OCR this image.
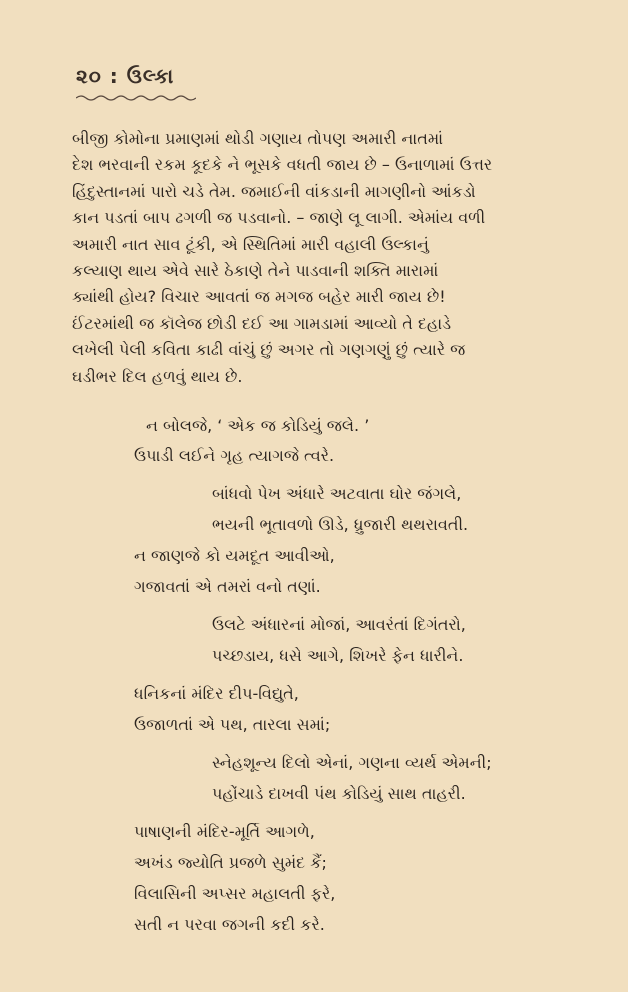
૨૦ : ઉલ્કા
બીજી કોમોના પ્રમાણમાં થોડી ગણાય તોપણ અમારી નાતમાં
દેશ ભરવાની રકમ કૂદકે ને ભૂસકે વધતી જાય છે – ઉનાળામાં ઉત્તર
હિંદુસ્તાનમાં પારો ચડે તેમ. જમાઈની વાંકડાની માગણીનો આંકડો
કાન પડતાં બાપ ઢગળી જ પડવાનો. – જાણે લૂ લાગી. એમાંય વળી
અમારી નાત સાવ ટૂંકી, એ સ્થિતિમાં મારી વહાલી ઉલ્કાનું
કલ્યાણ થાય એવે સારે ઠેકાણે તેને પાડવાની શક્તિ મારામાં
ક્યાંથી હોય? વિચાર આવતાં જ મગજ બહેર મારી જાય છે!
ઈંટરમાંથી જ કૉલેજ છોડી દઈ આ ગામડામાં આવ્યો તે દહાડે
લખેલી પેલી કવિતા કાઢી વાંચું છું અગર તો ગણગણું છું ત્યારે જ
ઘડીભર દિલ હળવું થાય છે.
ન બોલજે, ‘ એક જ કોડિયું જલે. ’
ઉપાડી લઈને ગૃહ ત્યાગજે ત્વરે.
બાંધવો પેખ અંધારે અટવાતા ઘોર જંગલે,
ભયની ભૂતાવળો ઊડે, ધ્રુજારી થથરાવતી.
ન જાણજે કો યમદૂત આવીઓ,
ગજાવતાં એ તમરાં વનો તણાં.
ઉલટે અંધારનાં મોજાં, આવરંતાં દિગંતરો,
પચ્છડાય, ધસે આગે, શિખરે ફેન ધારીને.
ધનિકનાં મંદિર દીપ-વિદ્યુતે,
ઉજાળતાં એ પથ, તારલા સમાં;
સ્નેહશૂન્ય દિલો એનાં, ગણના વ્યર્થ એમની;
પહોંચાડે દાખવી પંથ કોડિયું સાથ તાહરી.
પાષાણની મંદિર-મૂર્તિ આગળે,
અખંડ જ્યોતિ પ્રજળે સુમંદ કૈં;
વિલાસિની અપ્સર મહાલતી ફરે,
સતી ન પરવા જગની કદી કરે.
